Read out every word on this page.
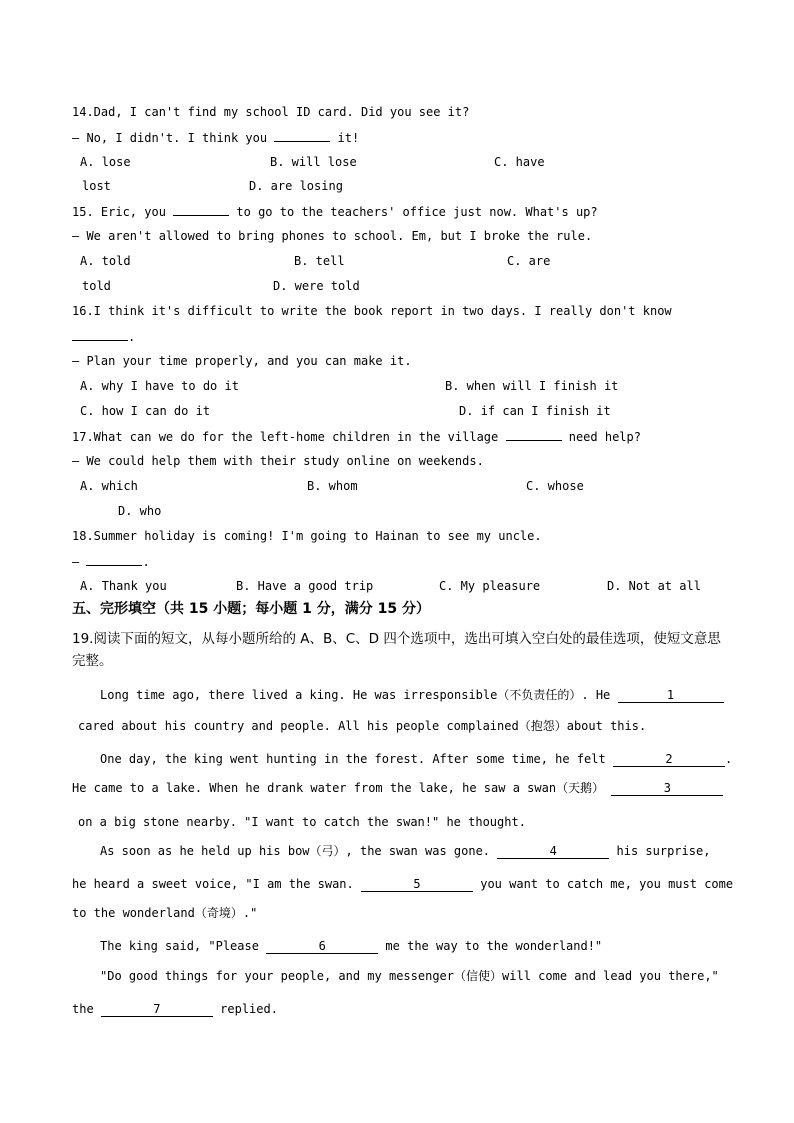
14.Dad, I can't find my school ID card. Did you see it?
— No, I didn't. I think you	it!
A. lose	B. will lose	C. have
lost	D. are losing
15. Eric, you	to go to the teachers' office just now. What's up?
— We aren't allowed to bring phones to school. Em, but I broke the rule.
A. told	B. tell	C. are
told	D. were told
16.I think it's difficult to write the book report in two days. I really don't know
.
— Plan your time properly, and you can make it.
A. why I have to do it	B. when will I finish it
C. how I can do it	D. if can I finish it
17.What can we do for the left-home children in the village	need help?
— We could help them with their study online on weekends.
A. which	B. whom	C. whose
D. who
18.Summer holiday is coming! I'm going to Hainan to see my uncle.
—	.
A. Thank you	B. Have a good trip	C. My pleasure	D. Not at all
五、完形填空（共 15 小题；每小题 1 分，满分 15 分）
19.阅读下面的短文，从每小题所给的 A、B、C、D 四个选项中，选出可填入空白处的最佳选项，使短文意思完整。
Long time ago, there lived a king. He was irresponsible（不负责任的）. He	1
cared about his country and people. All his people complained（抱怨）about this.
One day, the king went hunting in the forest. After some time, he felt	2	.
He came to a lake. When he drank water from the lake, he saw a swan（天鹅）	3
on a big stone nearby. "I want to catch the swan!" he thought.
As soon as he held up his bow（弓）, the swan was gone.	4	his surprise,
he heard a sweet voice, "I am the swan.	5	you want to catch me, you must come
to the wonderland（奇境）."
The king said, "Please	6	me the way to the wonderland!"
"Do good things for your people, and my messenger（信使）will come and lead you there,"
the	7	replied.
